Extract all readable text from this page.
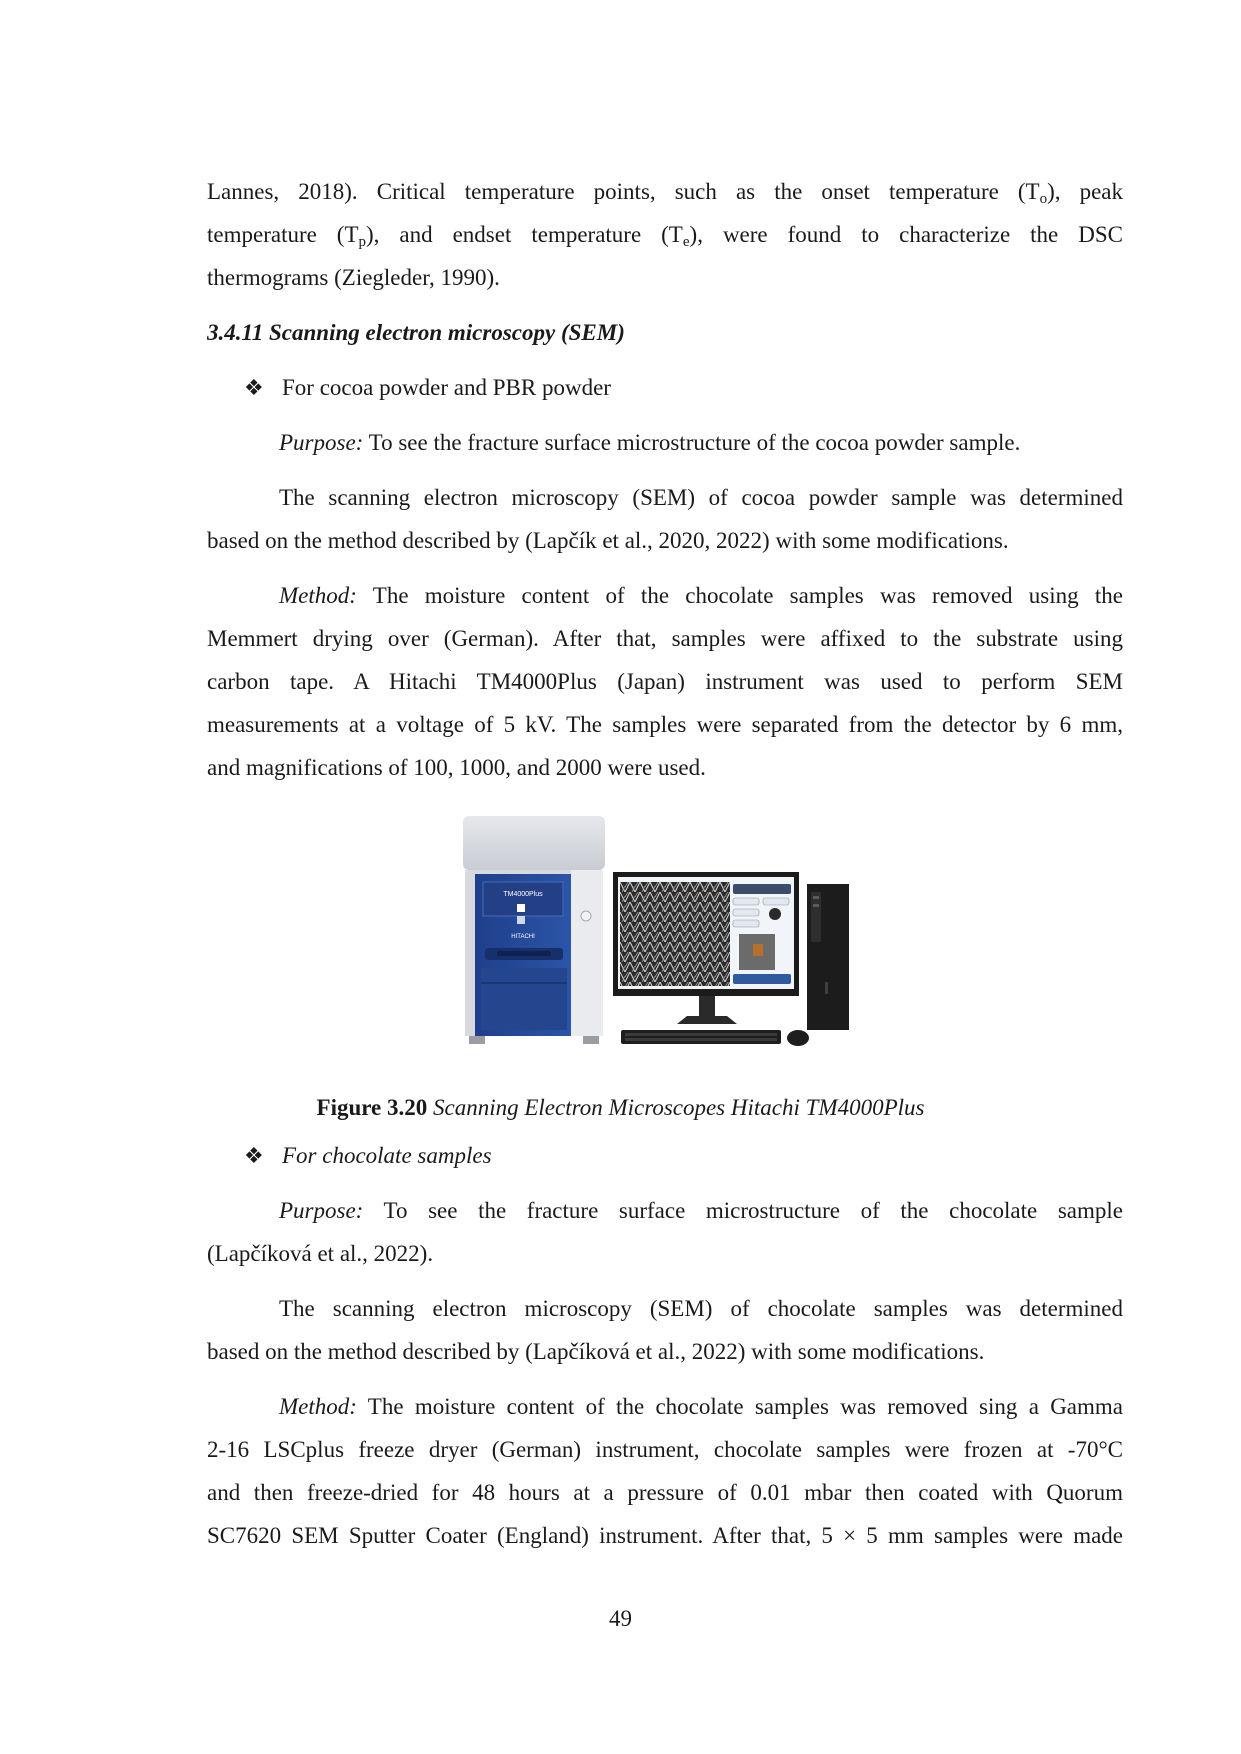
Lannes, 2018). Critical temperature points, such as the onset temperature $(T_o)$, peak
temperature $(T_p)$, and endset temperature $(T_e)$, were found to characterize the DSC
thermograms (Ziegleder, 1990).
3.4.11 Scanning electron microscopy (SEM)
❖ For cocoa powder and PBR powder
Purpose: To see the fracture surface microstructure of the cocoa powder sample.
The scanning electron microscopy (SEM) of cocoa powder sample was determined
based on the method described by (Lapčík et al., 2020, 2022) with some modifications.
Method: The moisture content of the chocolate samples was removed using the
Memmert drying over (German). After that, samples were affixed to the substrate using
carbon tape. A Hitachi TM4000Plus (Japan) instrument was used to perform SEM
measurements at a voltage of 5 kV. The samples were separated from the detector by 6 mm,
and magnifications of 100, 1000, and 2000 were used.
TM4000Plus
HITACHI
Figure 3.20 Scanning Electron Microscopes Hitachi TM4000Plus
❖ For chocolate samples
Purpose: To see the fracture surface microstructure of the chocolate sample
(Lapčíková et al., 2022).
The scanning electron microscopy (SEM) of chocolate samples was determined
based on the method described by (Lapčíková et al., 2022) with some modifications.
Method: The moisture content of the chocolate samples was removed sing a Gamma
2-16 LSCplus freeze dryer (German) instrument, chocolate samples were frozen at -70°C
and then freeze-dried for 48 hours at a pressure of 0.01 mbar then coated with Quorum
SC7620 SEM Sputter Coater (England) instrument. After that, 5 × 5 mm samples were made
49
